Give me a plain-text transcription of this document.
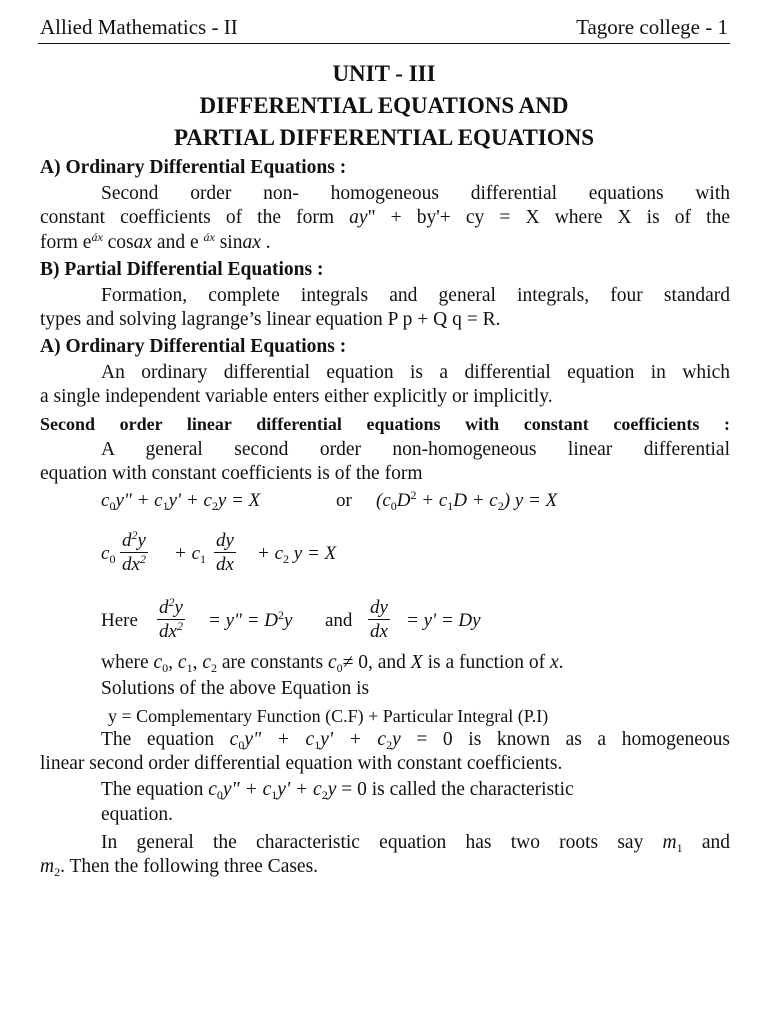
Allied Mathematics - II	Tagore college - 1
UNIT - III
DIFFERENTIAL EQUATIONS AND
PARTIAL DIFFERENTIAL EQUATIONS
A) Ordinary Differential Equations :
Second order non- homogeneous differential equations with
constant coefficients of the form ay" + by'+ cy = X where X is of the
form $e^{áx}$ cosax and e $^{áx}$ sinax .
B) Partial Differential Equations :
Formation, complete integrals and general integrals, four standard
types and solving lagrange’s linear equation P p + Q q = R.
A) Ordinary Differential Equations :
An ordinary differential equation is a differential equation in which
a single independent variable enters either explicitly or implicitly.
Second order linear differential equations with constant coefficients :
A general second order non-homogeneous linear differential
equation with constant coefficients is of the form
$c_0y$" + $c_1y' + c_2y = X$	or $(c_0D^2 + c_1D + c_2) y = X$
$c_0$
$d^2y$
$dx^2 + c_1$
dy
dx
+ $c_2$ y = X
Here
$d^2y$
$dx^2 = y$" = $D^2y$ and
dy
dx
= y' = Dy
where $c_0$, $c_1$, $c_2$ are constants $c_0\ne 0$, and X is a function of x.
Solutions of the above Equation is
y = Complementary Function (C.F) + Particular Integral (P.I)
The equation $c_0y$" + $c_1y' + c_2y = 0$ is known as a homogeneous
linear second order differential equation with constant coefficients.
The equation $c_0y$" + $c_1y' + c_2y = 0$ is called the characteristic
equation.
In general the characteristic equation has two roots say $m_1$ and
$m_2$. Then the following three Cases.
